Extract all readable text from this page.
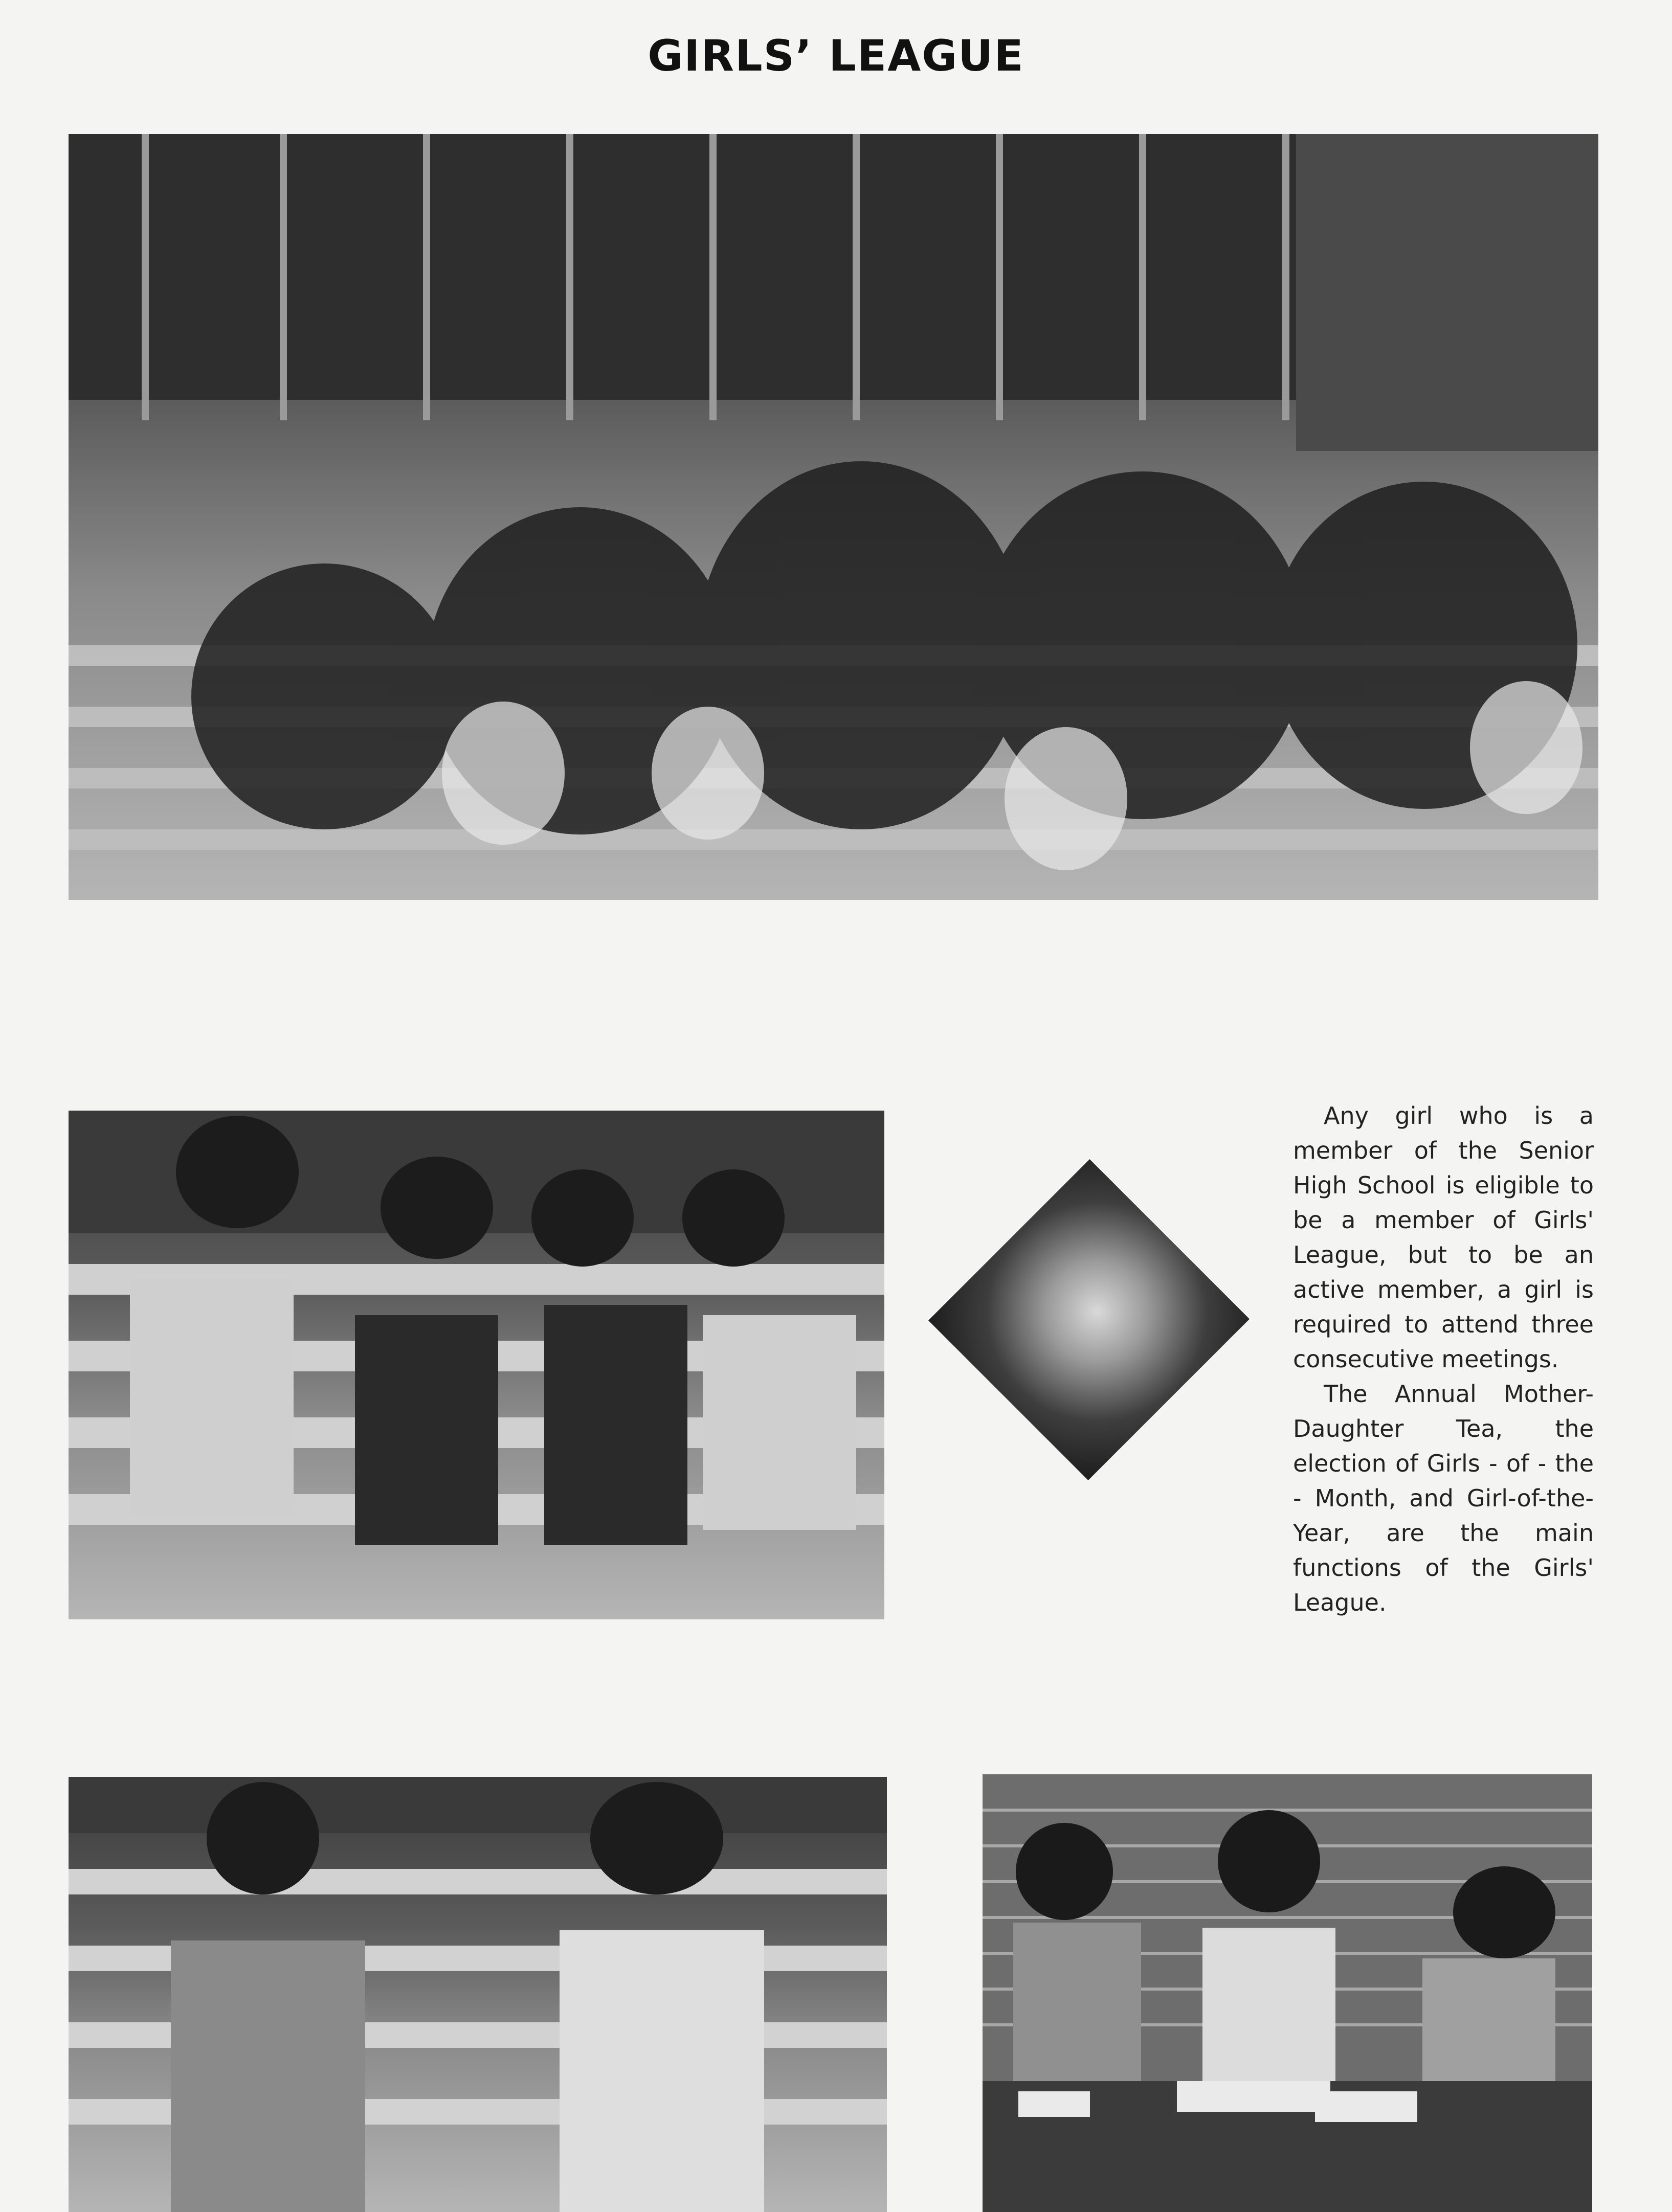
GIRLS’ LEAGUE

Any girl who is a member of the Senior High School is eligible to be a member of Girls' League, but to be an active member, a girl is required to attend three consecutive meetings.

The Annual Mother-Daughter Tea, the election of Girls - of - the - Month, and Girl-of-the-Year, are the main functions of the Girls' League.
